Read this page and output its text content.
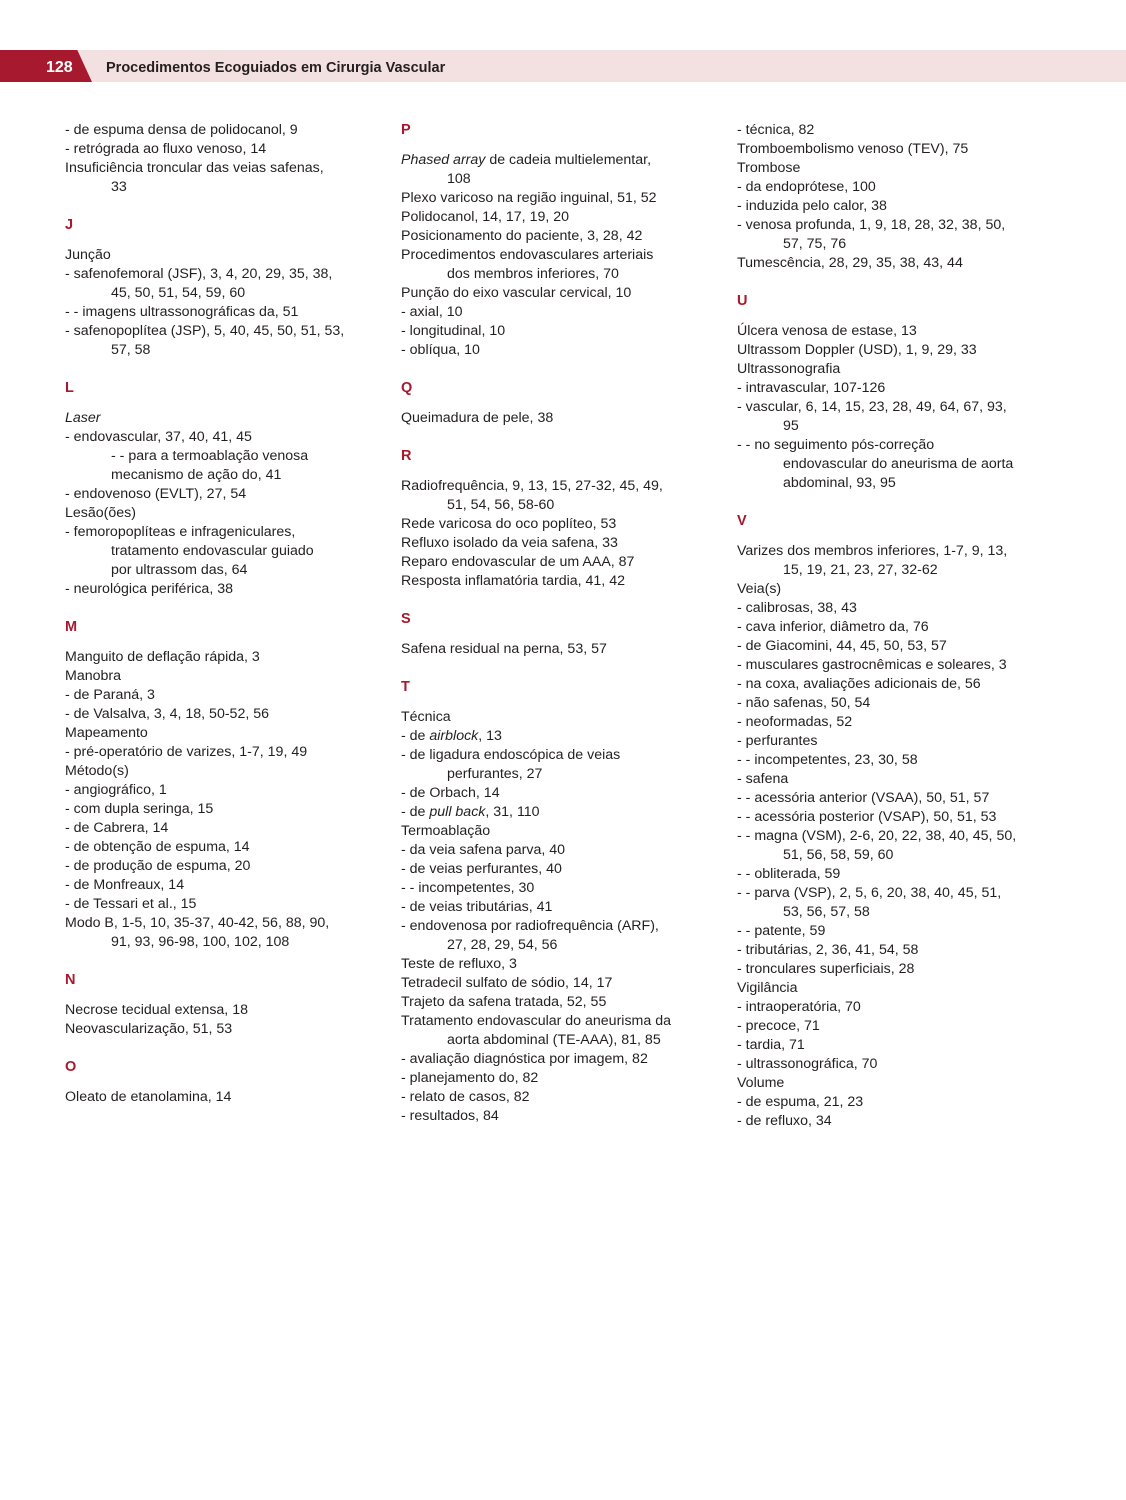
128 Procedimentos Ecoguiados em Cirurgia Vascular

- de espuma densa de polidocanol, 9

- retrógrada ao fluxo venoso, 14

Insuficiência troncular das veias safenas,

33

J

Junção

- safenofemoral (JSF), 3, 4, 20, 29, 35, 38,

45, 50, 51, 54, 59, 60

- - imagens ultrassonográficas da, 51

- safenopoplítea (JSP), 5, 40, 45, 50, 51, 53,

57, 58

L

Laser

- endovascular, 37, 40, 41, 45

- - para a termoablação venosa

mecanismo de ação do, 41

- endovenoso (EVLT), 27, 54

Lesão(ões)

- femoropoplíteas e infrageniculares,

tratamento endovascular guiado

por ultrassom das, 64

- neurológica periférica, 38

M

Manguito de deflação rápida, 3

Manobra

- de Paraná, 3

- de Valsalva, 3, 4, 18, 50-52, 56

Mapeamento

- pré-operatório de varizes, 1-7, 19, 49

Método(s)

- angiográfico, 1

- com dupla seringa, 15

- de Cabrera, 14

- de obtenção de espuma, 14

- de produção de espuma, 20

- de Monfreaux, 14

- de Tessari et al., 15

Modo B, 1-5, 10, 35-37, 40-42, 56, 88, 90,

91, 93, 96-98, 100, 102, 108

N

Necrose tecidual extensa, 18

Neovascularização, 51, 53

O

Oleato de etanolamina, 14

P

Phased array de cadeia multielementar,

108

Plexo varicoso na região inguinal, 51, 52

Polidocanol, 14, 17, 19, 20

Posicionamento do paciente, 3, 28, 42

Procedimentos endovasculares arteriais

dos membros inferiores, 70

Punção do eixo vascular cervical, 10

- axial, 10

- longitudinal, 10

- oblíqua, 10

Q

Queimadura de pele, 38

R

Radiofrequência, 9, 13, 15, 27-32, 45, 49,

51, 54, 56, 58-60

Rede varicosa do oco poplíteo, 53

Refluxo isolado da veia safena, 33

Reparo endovascular de um AAA, 87

Resposta inflamatória tardia, 41, 42

S

Safena residual na perna, 53, 57

T

Técnica

- de airblock, 13

- de ligadura endoscópica de veias

perfurantes, 27

- de Orbach, 14

- de pull back, 31, 110

Termoablação

- da veia safena parva, 40

- de veias perfurantes, 40

- - incompetentes, 30

- de veias tributárias, 41

- endovenosa por radiofrequência (ARF),

27, 28, 29, 54, 56

Teste de refluxo, 3

Tetradecil sulfato de sódio, 14, 17

Trajeto da safena tratada, 52, 55

Tratamento endovascular do aneurisma da

aorta abdominal (TE-AAA), 81, 85

- avaliação diagnóstica por imagem, 82

- planejamento do, 82

- relato de casos, 82

- resultados, 84

- técnica, 82

Tromboembolismo venoso (TEV), 75

Trombose

- da endoprótese, 100

- induzida pelo calor, 38

- venosa profunda, 1, 9, 18, 28, 32, 38, 50,

57, 75, 76

Tumescência, 28, 29, 35, 38, 43, 44

U

Úlcera venosa de estase, 13

Ultrassom Doppler (USD), 1, 9, 29, 33

Ultrassonografia

- intravascular, 107-126

- vascular, 6, 14, 15, 23, 28, 49, 64, 67, 93,

95

- - no seguimento pós-correção

endovascular do aneurisma de aorta

abdominal, 93, 95

V

Varizes dos membros inferiores, 1-7, 9, 13,

15, 19, 21, 23, 27, 32-62

Veia(s)

- calibrosas, 38, 43

- cava inferior, diâmetro da, 76

- de Giacomini, 44, 45, 50, 53, 57

- musculares gastrocnêmicas e soleares, 3

- na coxa, avaliações adicionais de, 56

- não safenas, 50, 54

- neoformadas, 52

- perfurantes

- - incompetentes, 23, 30, 58

- safena

- - acessória anterior (VSAA), 50, 51, 57

- - acessória posterior (VSAP), 50, 51, 53

- - magna (VSM), 2-6, 20, 22, 38, 40, 45, 50,

51, 56, 58, 59, 60

- - obliterada, 59

- - parva (VSP), 2, 5, 6, 20, 38, 40, 45, 51,

53, 56, 57, 58

- - patente, 59

- tributárias, 2, 36, 41, 54, 58

- tronculares superficiais, 28

Vigilância

- intraoperatória, 70

- precoce, 71

- tardia, 71

- ultrassonográfica, 70

Volume

- de espuma, 21, 23

- de refluxo, 34
